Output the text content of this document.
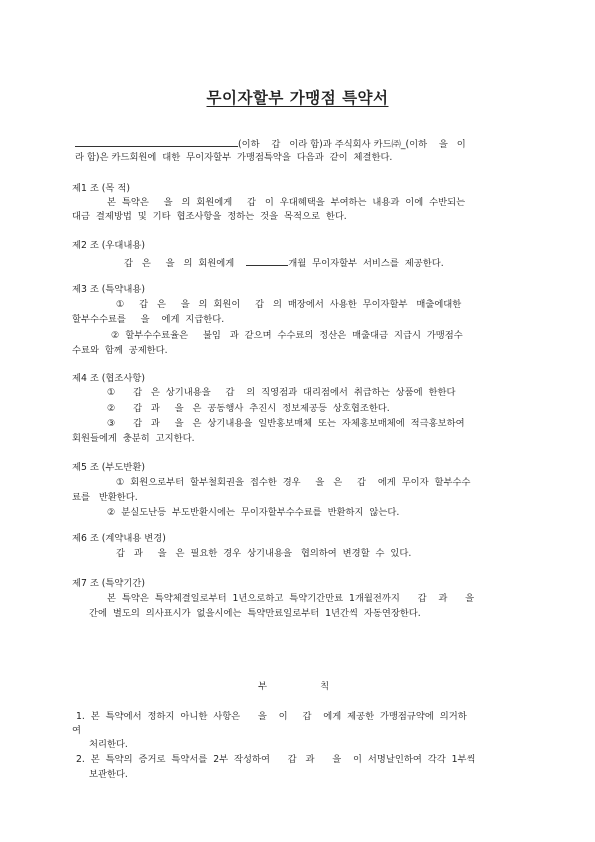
무이자할부 가맹점 특약서
(이하    갑   이라 함)과 주식회사 카드㈜_(이하    을   이
라 함)은 카드회원에  대한  무이자할부  가맹점특약을  다음과  같이  체결한다.
제1 조 (목 적)
본  특약은     을   의  회원에게     갑   이  우대혜택을  부여하는  내용과  이에  수반되는
대금  결제방법  및  기타  협조사항을  정하는  것을  목적으로  한다.
제2 조 (우대내용)
갑   은     을   의  회원에게	개월  무이자할부  서비스를  제공한다.
제3 조 (특약내용)
①     갑   은     을   의  회원이     갑   의  매장에서  사용한  무이자할부   매출에대한
할부수수료를     을    에게  지급한다.
②  할부수수료율은     불임   과  같으며  수수료의  정산은  매출대금  지급시  가맹점수
수료와  함께  공제한다.
제4 조 (협조사항)
①      갑   은  상기내용을     갑    의  직영점과  대리점에서  취급하는  상품에  한한다
②      갑   과     을   은  공동행사  추진시  정보제공등  상호협조한다.
③      갑   과     을   은  상기내용을  일반홍보매체  또는  자체홍보매체에  적극홍보하여
회원들에게  충분히  고지한다.
제5 조 (부도반환)
①  회원으로부터  할부철회권을  접수한  경우     을   은     갑    에게  무이자  할부수수
료를   반환한다.
②  분실도난등  부도반환시에는  무이자할부수수료를  반환하지  않는다.
제6 조 (계약내용 변경)
갑   과     을   은  필요한  경우  상기내용을   협의하여  변경할  수  있다.
제7 조 (특약기간)
본  특약은  특약체결일로부터  1년으로하고  특약기간만료  1개월전까지      갑    과      을
간에  별도의  의사표시가  없을시에는  특약만료일로부터  1년간씩  자동연장한다.
부                  칙
1.  본  특약에서  정하지  아니한  사항은      을    이     갑    에게  제공한  가맹점규약에  의거하
여
처리한다.
2.  본  특약의  증거로  특약서를  2부  작성하여      갑   과      을    이  서명날인하여  각각  1부씩
보관한다.
